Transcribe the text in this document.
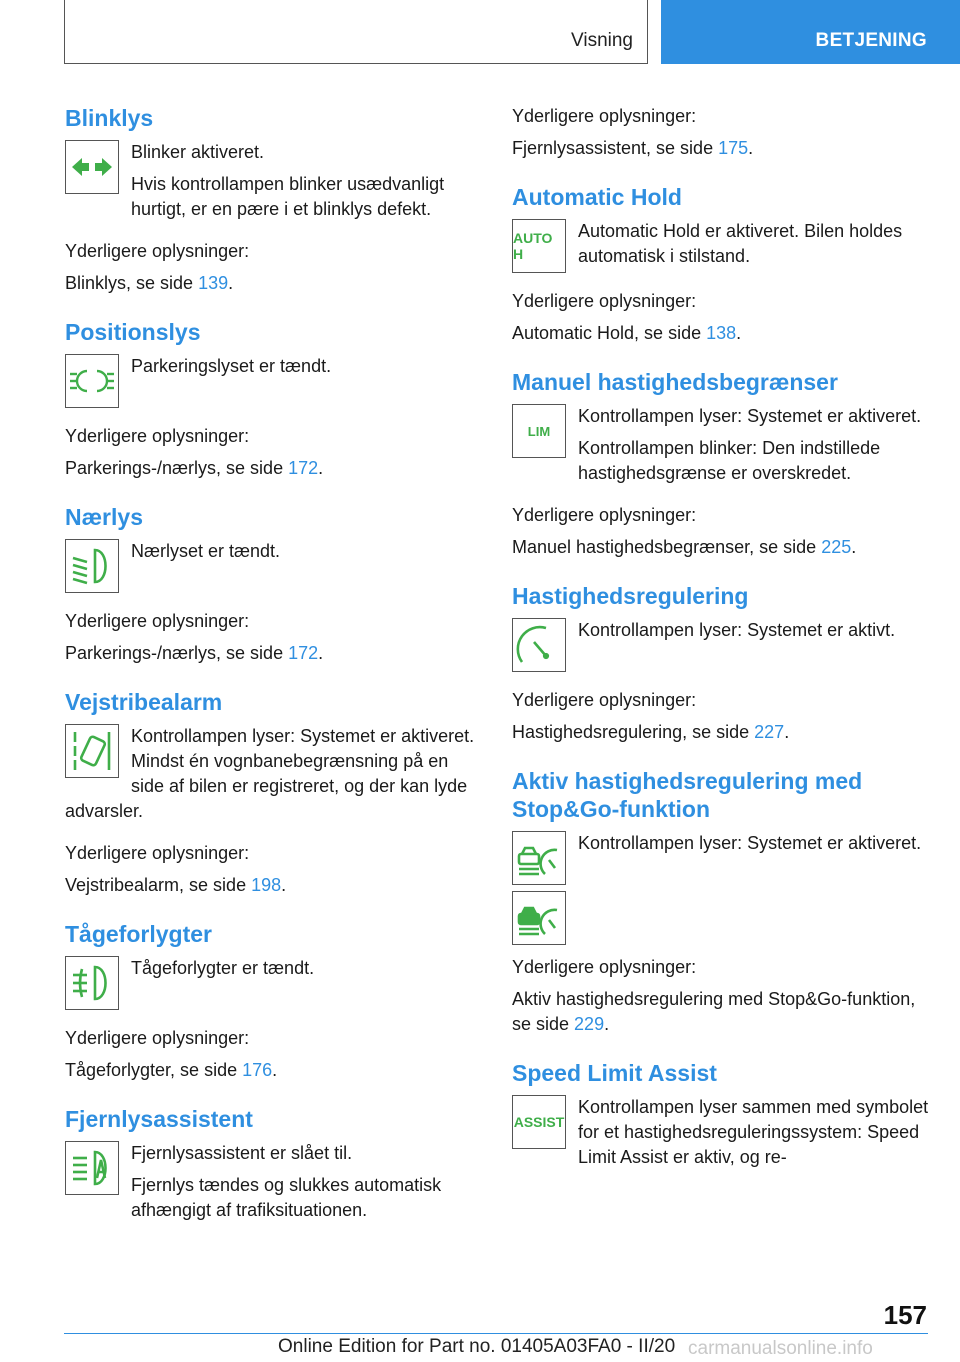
Visning	BETJENING
Blinklys
Blinker aktiveret.
Hvis kontrollampen blinker usædvanligt hurtigt, er en pære i et blinklys defekt.
Yderligere oplysninger:
Blinklys, se side 139.
Positionslys
Parkeringslyset er tændt.
Yderligere oplysninger:
Parkerings-/nærlys, se side 172.
Nærlys
Nærlyset er tændt.
Yderligere oplysninger:
Parkerings-/nærlys, se side 172.
Vejstribealarm
Kontrollampen lyser: Systemet er aktiveret. Mindst én vognbanebegrænsning på en side af bilen er registreret, og der kan lyde advarsler.
Yderligere oplysninger:
Vejstribealarm, se side 198.
Tågeforlygter
Tågeforlygter er tændt.
Yderligere oplysninger:
Tågeforlygter, se side 176.
Fjernlysassistent
Fjernlysassistent er slået til.
Fjernlys tændes og slukkes automatisk afhængigt af trafiksituationen.
Yderligere oplysninger:
Fjernlysassistent, se side 175.
Automatic Hold
AUTO H
Automatic Hold er aktiveret. Bilen holdes automatisk i stilstand.
Yderligere oplysninger:
Automatic Hold, se side 138.
Manuel hastighedsbegrænser
LIM
Kontrollampen lyser: Systemet er aktiveret.
Kontrollampen blinker: Den indstillede hastighedsgrænse er overskredet.
Yderligere oplysninger:
Manuel hastighedsbegrænser, se side 225.
Hastighedsregulering
Kontrollampen lyser: Systemet er aktivt.
Yderligere oplysninger:
Hastighedsregulering, se side 227.
Aktiv hastighedsregulering med Stop&Go-funktion
Kontrollampen lyser: Systemet er aktiveret.
Yderligere oplysninger:
Aktiv hastighedsregulering med Stop&Go-funktion, se side 229.
Speed Limit Assist
ASSIST
Kontrollampen lyser sammen med symbolet for et hastighedsreguleringssystem: Speed Limit Assist er aktiv, og re-
157
Online Edition for Part no. 01405A03FA0 - II/20 carmanualsonline.info
